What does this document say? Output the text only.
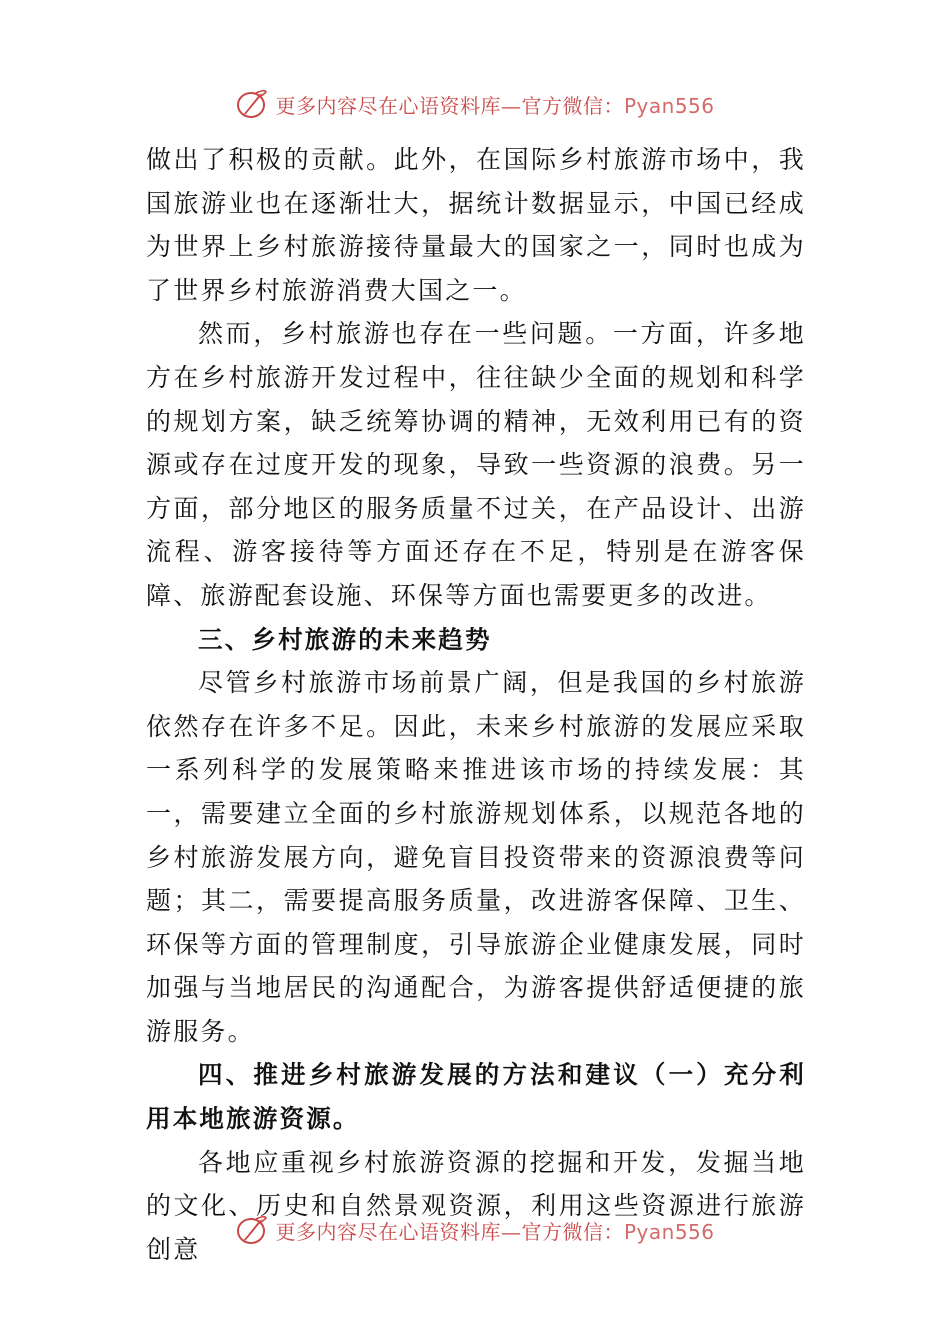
更多内容尽在心语资料库—官方微信：Pyan556

做出了积极的贡献。此外，在国际乡村旅游市场中，我国旅游业也在逐渐壮大，据统计数据显示，中国已经成为世界上乡村旅游接待量最大的国家之一，同时也成为了世界乡村旅游消费大国之一。

然而，乡村旅游也存在一些问题。一方面，许多地方在乡村旅游开发过程中，往往缺少全面的规划和科学的规划方案，缺乏统筹协调的精神，无效利用已有的资源或存在过度开发的现象，导致一些资源的浪费。另一方面，部分地区的服务质量不过关，在产品设计、出游流程、游客接待等方面还存在不足，特别是在游客保障、旅游配套设施、环保等方面也需要更多的改进。

三、乡村旅游的未来趋势

尽管乡村旅游市场前景广阔，但是我国的乡村旅游依然存在许多不足。因此，未来乡村旅游的发展应采取一系列科学的发展策略来推进该市场的持续发展：其一，需要建立全面的乡村旅游规划体系，以规范各地的乡村旅游发展方向，避免盲目投资带来的资源浪费等问题；其二，需要提高服务质量，改进游客保障、卫生、环保等方面的管理制度，引导旅游企业健康发展，同时加强与当地居民的沟通配合，为游客提供舒适便捷的旅游服务。

四、推进乡村旅游发展的方法和建议（一）充分利用本地旅游资源。

各地应重视乡村旅游资源的挖掘和开发，发掘当地的文化、历史和自然景观资源，利用这些资源进行旅游创意

更多内容尽在心语资料库—官方微信：Pyan556
